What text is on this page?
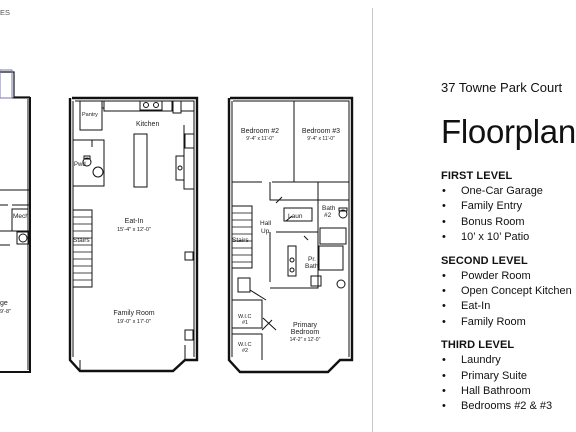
ES
Mech.
ge
9'-8"
Pantry
Kitchen
Pwd
Eat-In
15'-4" x 12'-0"
Stairs
Family Room
19'-0" x 17'-0"
Bedroom #2
9'-4" x 11'-0"
Bedroom #3
9'-4" x 11'-0"
Hall
Up
Laun
Bath
#2
Stairs
Pr.
Bath
W.I.C
#1
W.I.C
#2
Primary
Bedroom
14'-2" x 12'-0"
37 Towne Park Court
Floorplan
FIRST LEVEL
• One-Car Garage
• Family Entry
• Bonus Room
• 10’ x 10’ Patio
SECOND LEVEL
• Powder Room
• Open Concept Kitchen
• Eat-In
• Family Room
THIRD LEVEL
• Laundry
• Primary Suite
• Hall Bathroom
• Bedrooms #2 & #3
